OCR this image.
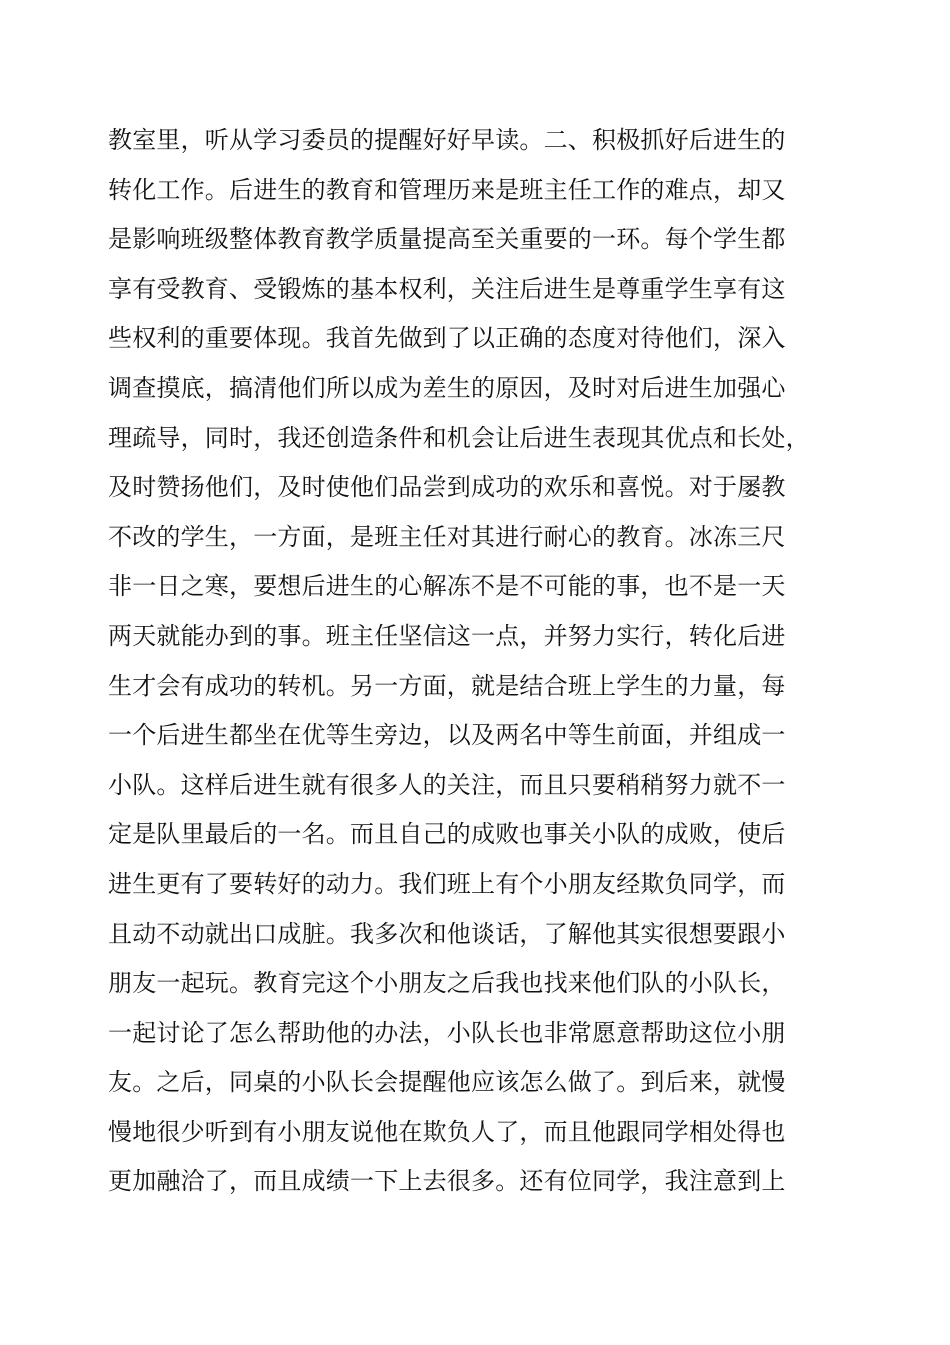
教室里，听从学习委员的提醒好好早读。二、积极抓好后进生的
转化工作。后进生的教育和管理历来是班主任工作的难点，却又
是影响班级整体教育教学质量提高至关重要的一环。每个学生都
享有受教育、受锻炼的基本权利，关注后进生是尊重学生享有这
些权利的重要体现。我首先做到了以正确的态度对待他们，深入
调查摸底，搞清他们所以成为差生的原因，及时对后进生加强心
理疏导，同时，我还创造条件和机会让后进生表现其优点和长处，
及时赞扬他们，及时使他们品尝到成功的欢乐和喜悦。对于屡教
不改的学生，一方面，是班主任对其进行耐心的教育。冰冻三尺
非一日之寒，要想后进生的心解冻不是不可能的事，也不是一天
两天就能办到的事。班主任坚信这一点，并努力实行，转化后进
生才会有成功的转机。另一方面，就是结合班上学生的力量，每
一个后进生都坐在优等生旁边，以及两名中等生前面，并组成一
小队。这样后进生就有很多人的关注，而且只要稍稍努力就不一
定是队里最后的一名。而且自己的成败也事关小队的成败，使后
进生更有了要转好的动力。我们班上有个小朋友经欺负同学，而
且动不动就出口成脏。我多次和他谈话，了解他其实很想要跟小
朋友一起玩。教育完这个小朋友之后我也找来他们队的小队长，
一起讨论了怎么帮助他的办法，小队长也非常愿意帮助这位小朋
友。之后，同桌的小队长会提醒他应该怎么做了。到后来，就慢
慢地很少听到有小朋友说他在欺负人了，而且他跟同学相处得也
更加融洽了，而且成绩一下上去很多。还有位同学，我注意到上
